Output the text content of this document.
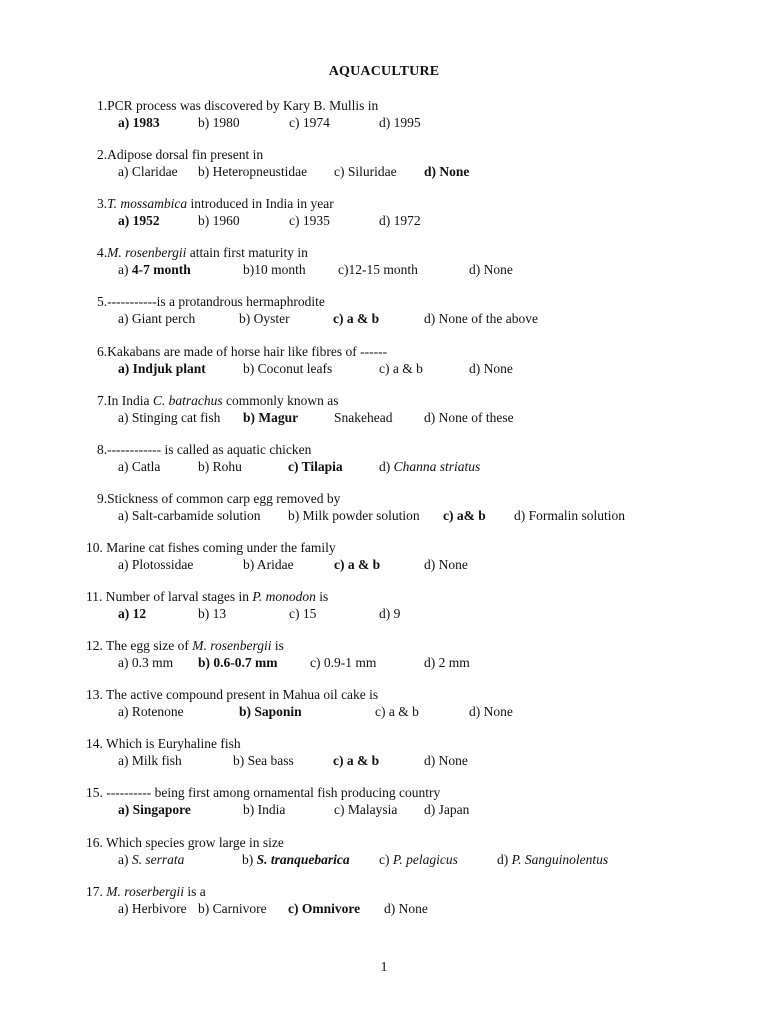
AQUACULTURE
1.PCR process was discovered by Kary B. Mullis in
a) 1983	b) 1980	c) 1974	d) 1995
2.Adipose dorsal fin present in
a) Claridae b) Heteropneustidae c) Siluridae d) None
3.T. mossambica introduced in India in year
a) 1952	b) 1960	c) 1935	d) 1972
4.M. rosenbergii attain first maturity in
a) 4-7 month	b)10 month c)12-15 month	d) None
5.-----------is a protandrous hermaphrodite
a) Giant perch	b) Oyster	c) a & b	d) None of the above
6.Kakabans are made of horse hair like fibres of ------
a) Indjuk plant	b) Coconut leafs	c) a & b	d) None
7.In India C. batrachus commonly known as
a) Stinging cat fish b) Magur	Snakehead d) None of these
8.------------ is called as aquatic chicken
a) Catla	b) Rohu	c) Tilapia	d) Channa striatus
9.Stickness of common carp egg removed by
a) Salt-carbamide solution b) Milk powder solution c) a& b d) Formalin solution
10. Marine cat fishes coming under the family
a) Plotossidae	b) Aridae	c) a & b	d) None
11. Number of larval stages in P. monodon is
a) 12	b) 13	c) 15	d) 9
12. The egg size of M. rosenbergii is
a) 0.3 mm b) 0.6-0.7 mm c) 0.9-1 mm	d) 2 mm
13. The active compound present in Mahua oil cake is
a) Rotenone	b) Saponin	c) a & b	d) None
14. Which is Euryhaline fish
a) Milk fish	b) Sea bass	c) a & b	d) None
15. ---------- being first among ornamental fish producing country
a) Singapore	b) India	c) Malaysia d) Japan
16. Which species grow large in size
a) S. serrata	b) S. tranquebarica c) P. pelagicus	d) P. Sanguinolentus
17. M. roserbergii is a
a) Herbivore b) Carnivore c) Omnivore d) None
1
